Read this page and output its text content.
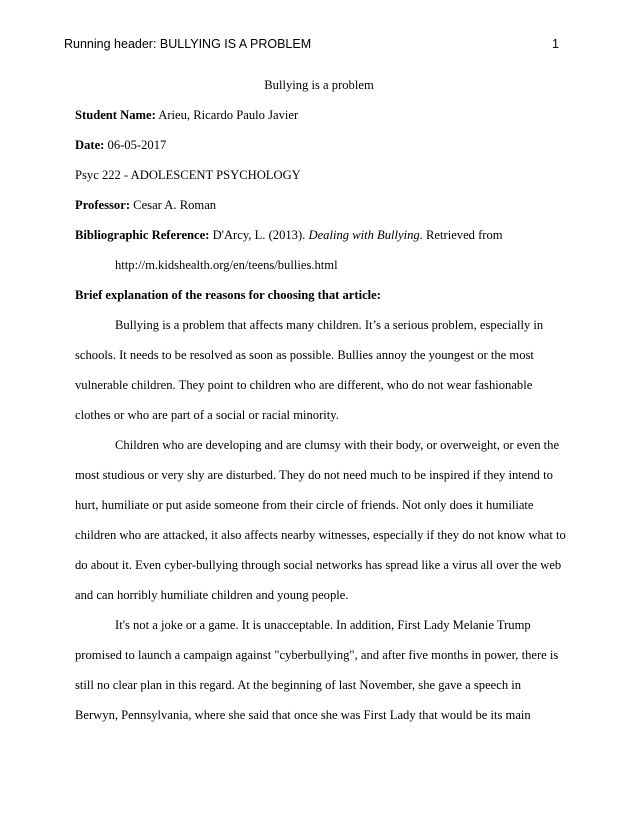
Running header: BULLYING IS A PROBLEM	1
Bullying is a problem
Student Name: Arieu, Ricardo Paulo Javier
Date: 06-05-2017
Psyc 222 - ADOLESCENT PSYCHOLOGY
Professor: Cesar A. Roman
Bibliographic Reference: D'Arcy, L. (2013). Dealing with Bullying. Retrieved from
http://m.kidshealth.org/en/teens/bullies.html
Brief explanation of the reasons for choosing that article:
Bullying is a problem that affects many children. It’s a serious problem, especially in
schools. It needs to be resolved as soon as possible. Bullies annoy the youngest or the most
vulnerable children. They point to children who are different, who do not wear fashionable
clothes or who are part of a social or racial minority.
Children who are developing and are clumsy with their body, or overweight, or even the
most studious or very shy are disturbed. They do not need much to be inspired if they intend to
hurt, humiliate or put aside someone from their circle of friends. Not only does it humiliate
children who are attacked, it also affects nearby witnesses, especially if they do not know what to
do about it. Even cyber-bullying through social networks has spread like a virus all over the web
and can horribly humiliate children and young people.
It's not a joke or a game. It is unacceptable. In addition, First Lady Melanie Trump
promised to launch a campaign against "cyberbullying", and after five months in power, there is
still no clear plan in this regard. At the beginning of last November, she gave a speech in
Berwyn, Pennsylvania, where she said that once she was First Lady that would be its main
